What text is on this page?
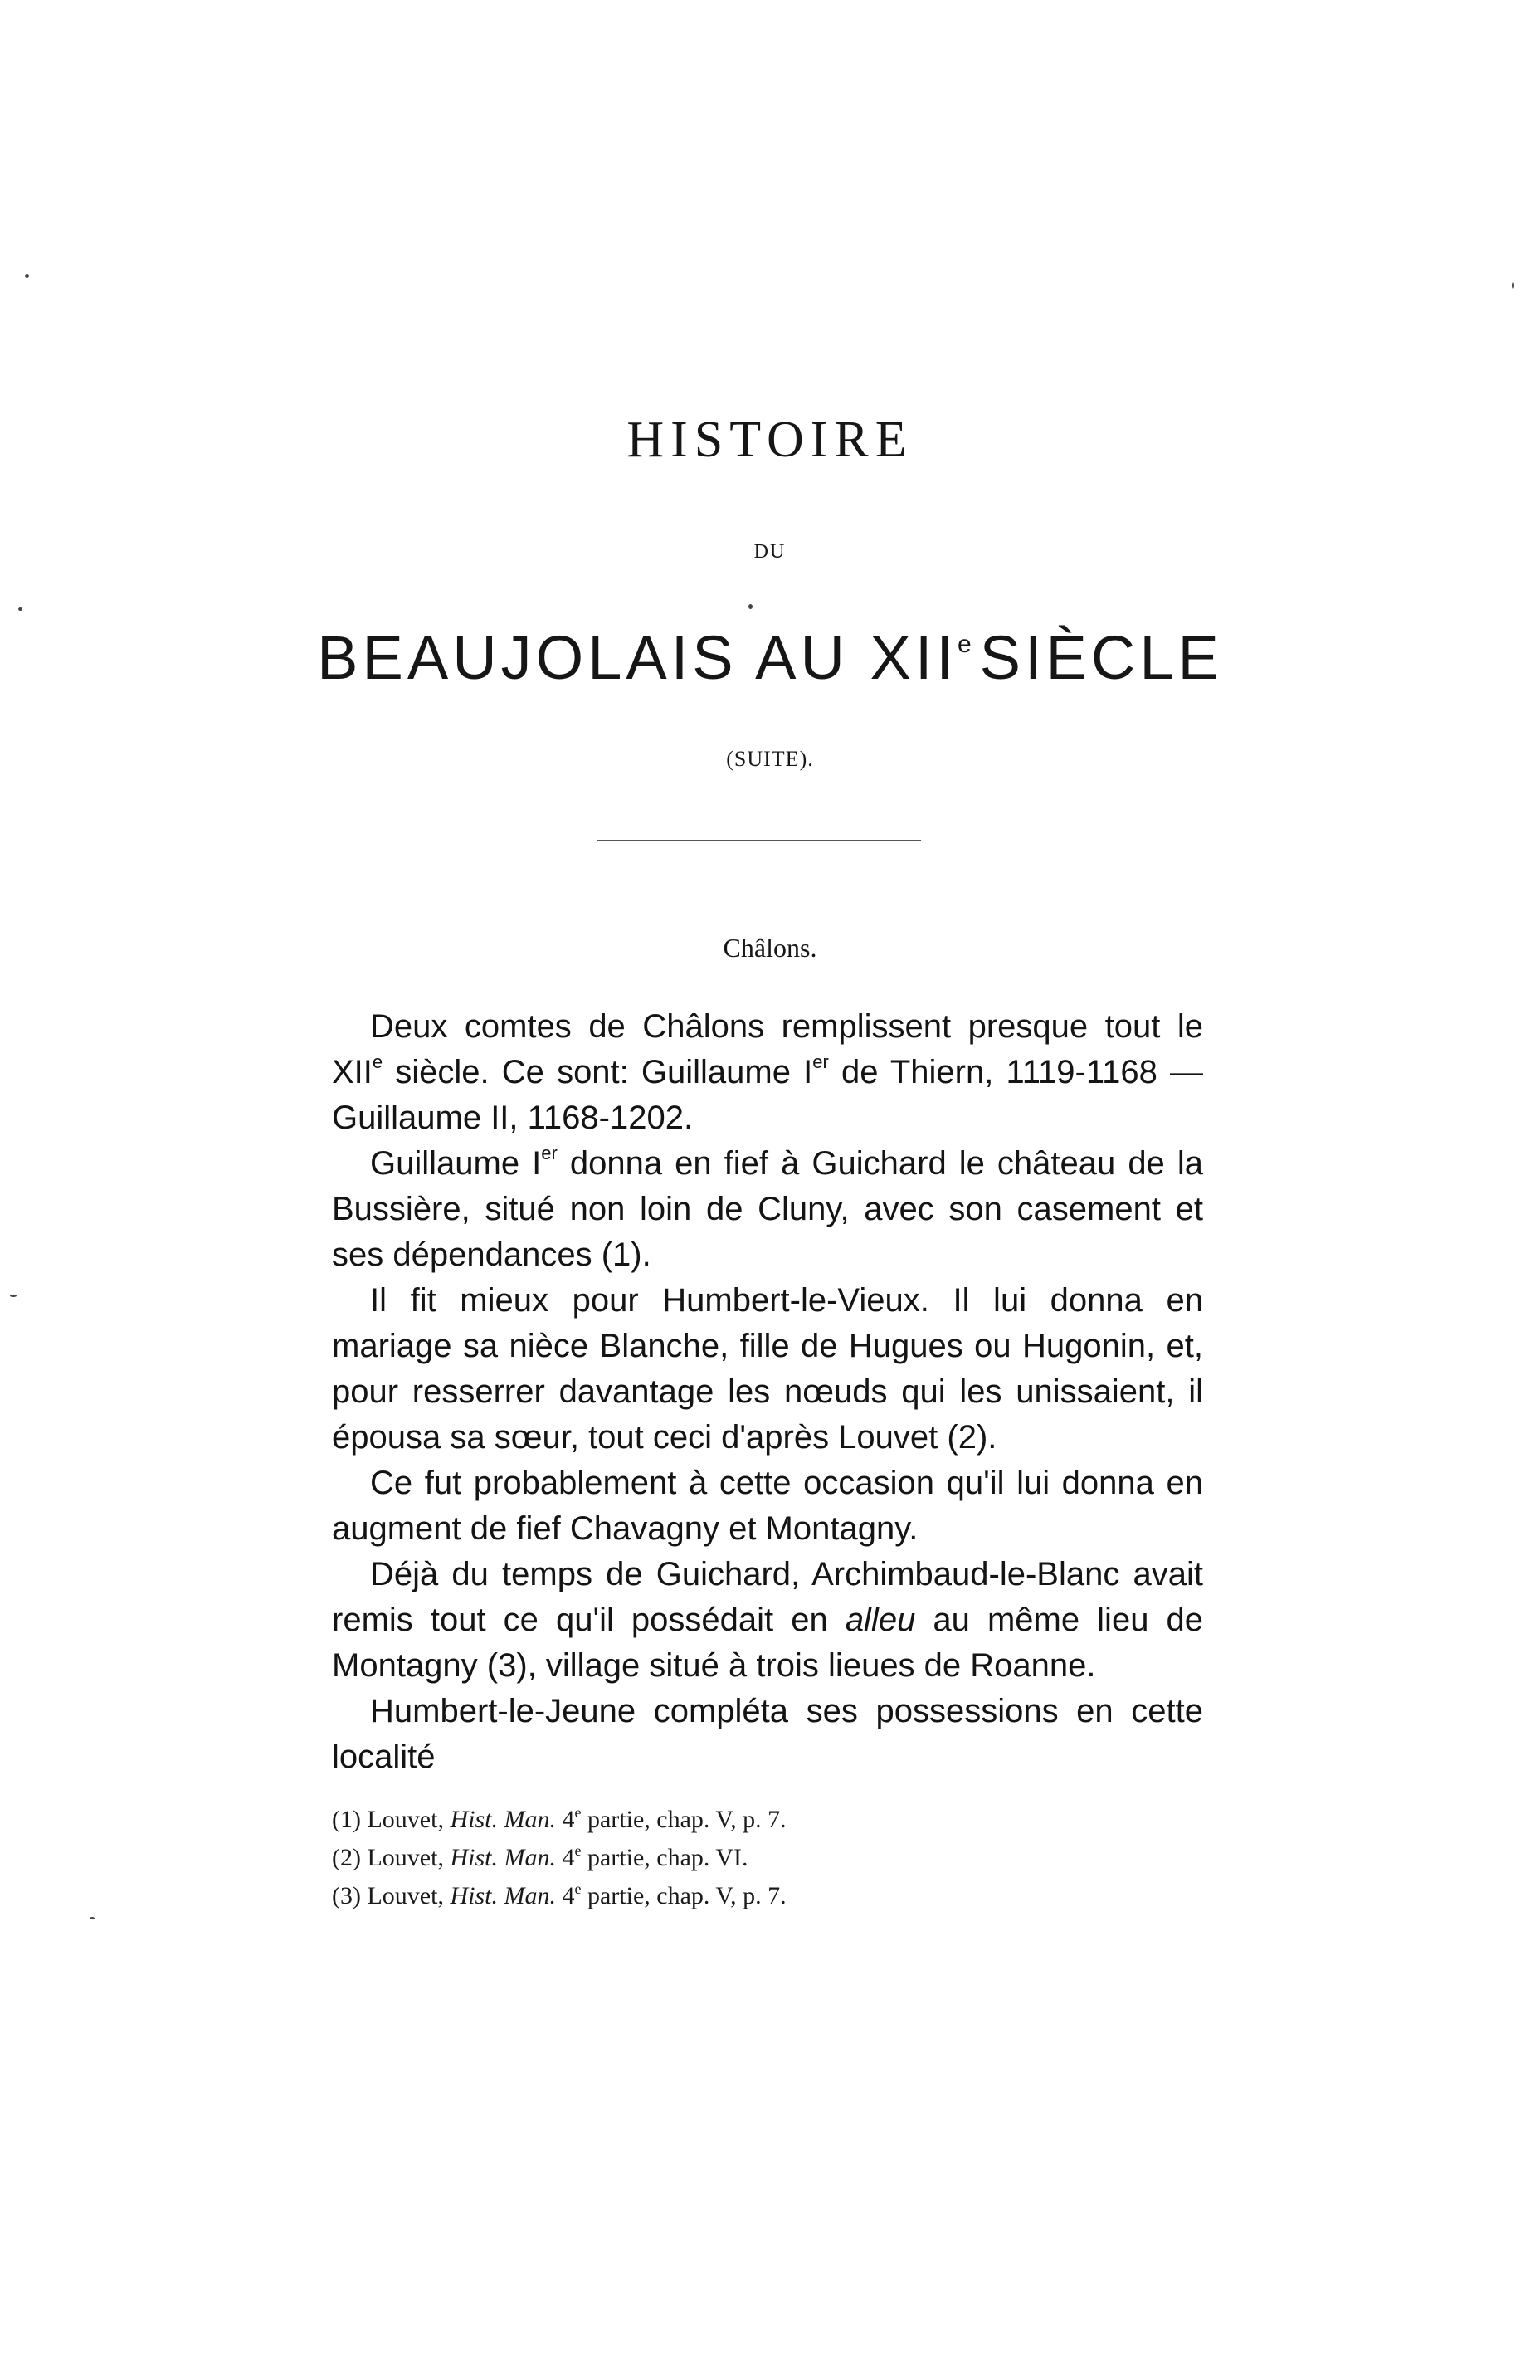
HISTOIRE
DU
BEAUJOLAIS AU XIIe SIÈCLE
(SUITE).
Châlons.

Deux comtes de Châlons remplissent presque tout le XIIe siècle. Ce sont: Guillaume Ier de Thiern, 1119-1168 — Guillaume II, 1168-1202.

Guillaume Ier donna en fief à Guichard le château de la Bussière, situé non loin de Cluny, avec son casement et ses dépendances (1).

Il fit mieux pour Humbert-le-Vieux. Il lui donna en mariage sa nièce Blanche, fille de Hugues ou Hugonin, et, pour resserrer davantage les nœuds qui les unissaient, il épousa sa sœur, tout ceci d'après Louvet (2).

Ce fut probablement à cette occasion qu'il lui donna en augment de fief Chavagny et Montagny.

Déjà du temps de Guichard, Archimbaud-le-Blanc avait remis tout ce qu'il possédait en alleu au même lieu de Montagny (3), village situé à trois lieues de Roanne.

Humbert-le-Jeune compléta ses possessions en cette localité

(1) Louvet, Hist. Man. 4e partie, chap. V, p. 7.
(2) Louvet, Hist. Man. 4e partie, chap. VI.
(3) Louvet, Hist. Man. 4e partie, chap. V, p. 7.
